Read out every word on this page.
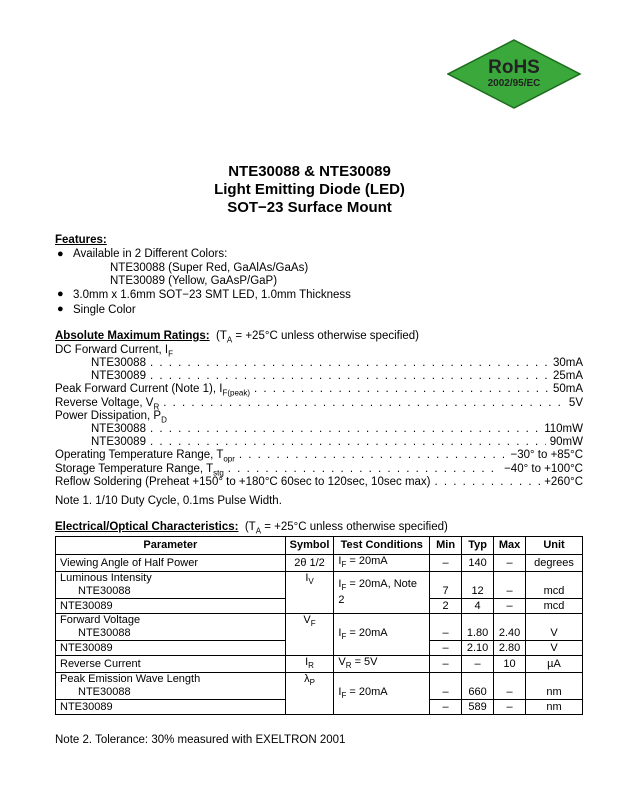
RoHS
2002/95/EC
NTE30088 & NTE30089
Light Emitting Diode (LED)
SOT−23 Surface Mount
Features:
● Available in 2 Different Colors:
NTE30088 (Super Red, GaAlAs/GaAs)
NTE30089 (Yellow, GaAsP/GaP)
● 3.0mm x 1.6mm SOT−23 SMT LED, 1.0mm Thickness
● Single Color
Absolute Maximum Ratings: ($T_A = +25^\circ C$ unless otherwise specified)
DC Forward Current, $I_F$
NTE30088 . . .	30mA
NTE30089 . . .	25mA
Peak Forward Current (Note 1), $I_{F(peak)}$ . . .	50mA
Reverse Voltage, $V_R$ . . .	5V
Power Dissipation, $P_D$
NTE30088 . . .	110mW
NTE30089 . . .	90mW
Operating Temperature Range, $T_{opr}$ . . .	−30° to +85°C
Storage Temperature Range, $T_{stg}$ . . .	−40° to +100°C
Reflow Soldering (Preheat +150° to +180°C 60sec to 120sec, 10sec max) . . .	+260°C
Note 1. 1/10 Duty Cycle, 0.1ms Pulse Width.
Electrical/Optical Characteristics: ($T_A = +25^\circ C$ unless otherwise specified)
Parameter	Symbol	Test Conditions	Min	Typ	Max	Unit
Viewing Angle of Half Power	2θ 1/2	$I_F = 20mA$	–	140	–	degrees

Luminous Intensity
NTE30088	$I_V$	$I_F = 20mA$, Note 2	7	12	–	mcd
NTE30089			2	4	–	mcd

Forward Voltage
NTE30088	$V_F$	$I_F = 20mA$	–	1.80	2.40	V
NTE30089			–	2.10	2.80	V
Reverse Current	$I_R$	$V_R = 5V$	–	–	10	µA

Peak Emission Wave Length
NTE30088	$\lambda_P$	$I_F = 20mA$	–	660	–	nm
NTE30089			–	589	–	nm
Note 2. Tolerance: 30% measured with EXELTRON 2001
